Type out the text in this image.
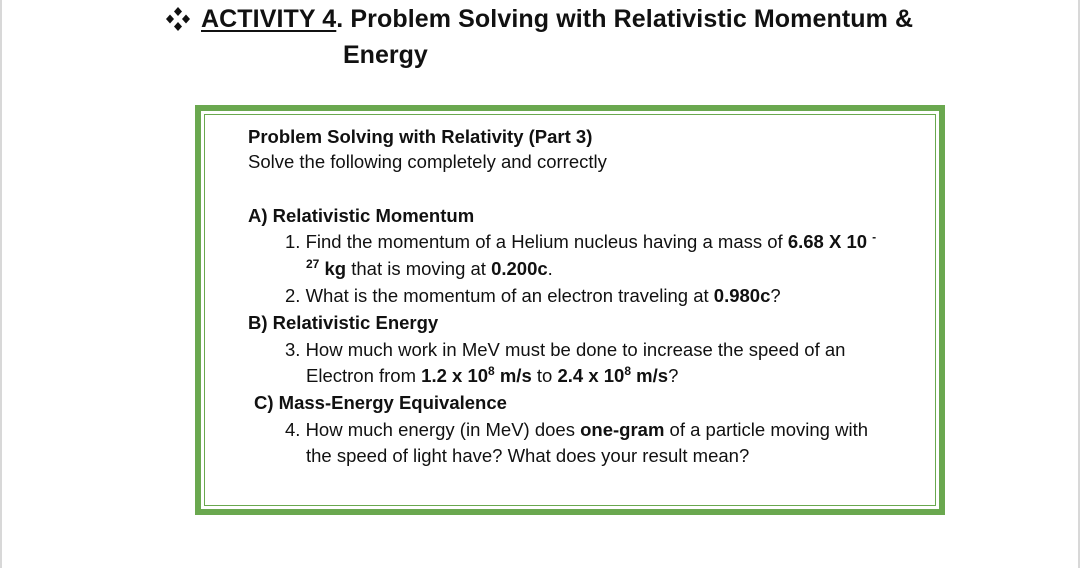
ACTIVITY 4. Problem Solving with Relativistic Momentum &
Energy
Problem Solving with Relativity (Part 3)
Solve the following completely and correctly
A) Relativistic Momentum
1. Find the momentum of a Helium nucleus having a mass of 6.68 X 10 -
$^{27}$ kg that is moving at 0.200c.
2. What is the momentum of an electron traveling at 0.980c?
B) Relativistic Energy
3. How much work in MeV must be done to increase the speed of an
Electron from 1.2 x $10^8$ m/s to 2.4 x $10^8$ m/s?
C) Mass-Energy Equivalence
4. How much energy (in MeV) does one-gram of a particle moving with
the speed of light have? What does your result mean?
